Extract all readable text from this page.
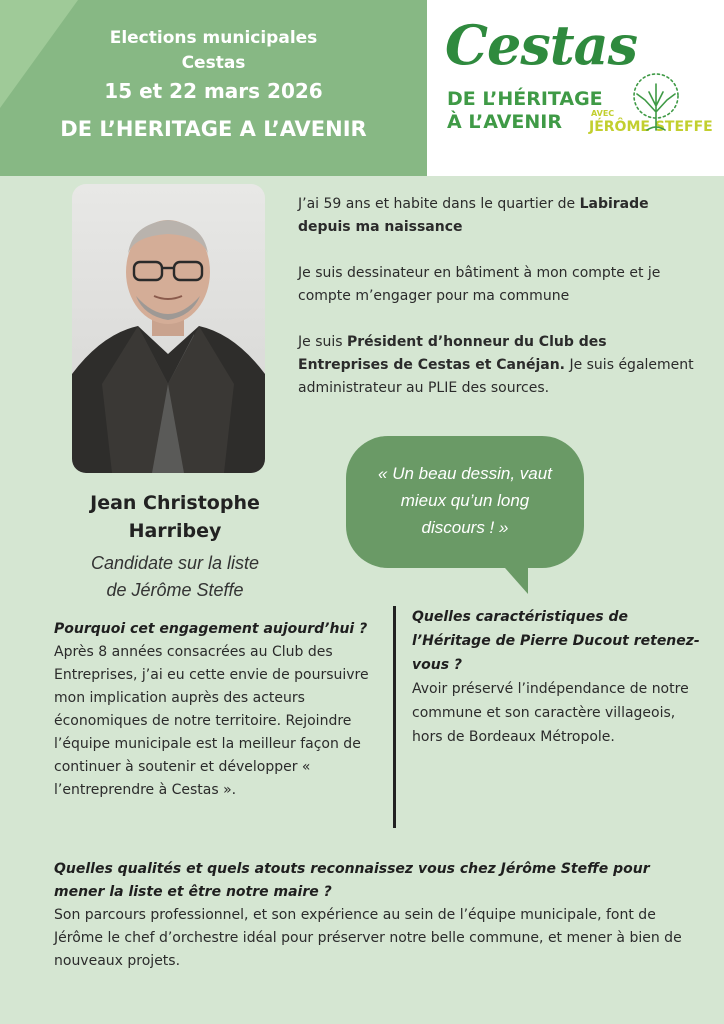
Elections municipales
Cestas
15 et 22 mars 2026
DE L’HERITAGE A L’AVENIR
Cestas
DE L’HÉRITAGE
À L’AVENIR	AVEC
JÉRÔME STEFFE
Jean Christophe
Harribey
Candidate sur la liste
de Jérôme Steffe

J’ai 59 ans et habite dans le quartier de Labirade depuis ma naissance

Je suis dessinateur en bâtiment à mon compte et je compte m’engager pour ma commune

Je suis Président d’honneur du Club des Entreprises de Cestas et Canéjan. Je suis également administrateur au PLIE des sources.

« Un beau dessin, vaut
mieux qu’un long
discours ! »
Pourquoi cet engagement aujourd’hui ?
Après 8 années consacrées au Club des Entreprises, j’ai eu cette envie de poursuivre mon implication auprès des acteurs économiques de notre territoire. Rejoindre l’équipe municipale est la meilleur façon de continuer à soutenir et développer « l’entreprendre à Cestas ».
Quelles caractéristiques de l’Héritage de Pierre Ducout retenez-vous ?
Avoir préservé l’indépendance de notre commune et son caractère villageois, hors de Bordeaux Métropole.
Quelles qualités et quels atouts reconnaissez vous chez Jérôme Steffe pour mener la liste et être notre maire ?
Son parcours professionnel, et son expérience au sein de l’équipe municipale, font de Jérôme le chef d’orchestre idéal pour préserver notre belle commune, et mener à bien de nouveaux projets.
